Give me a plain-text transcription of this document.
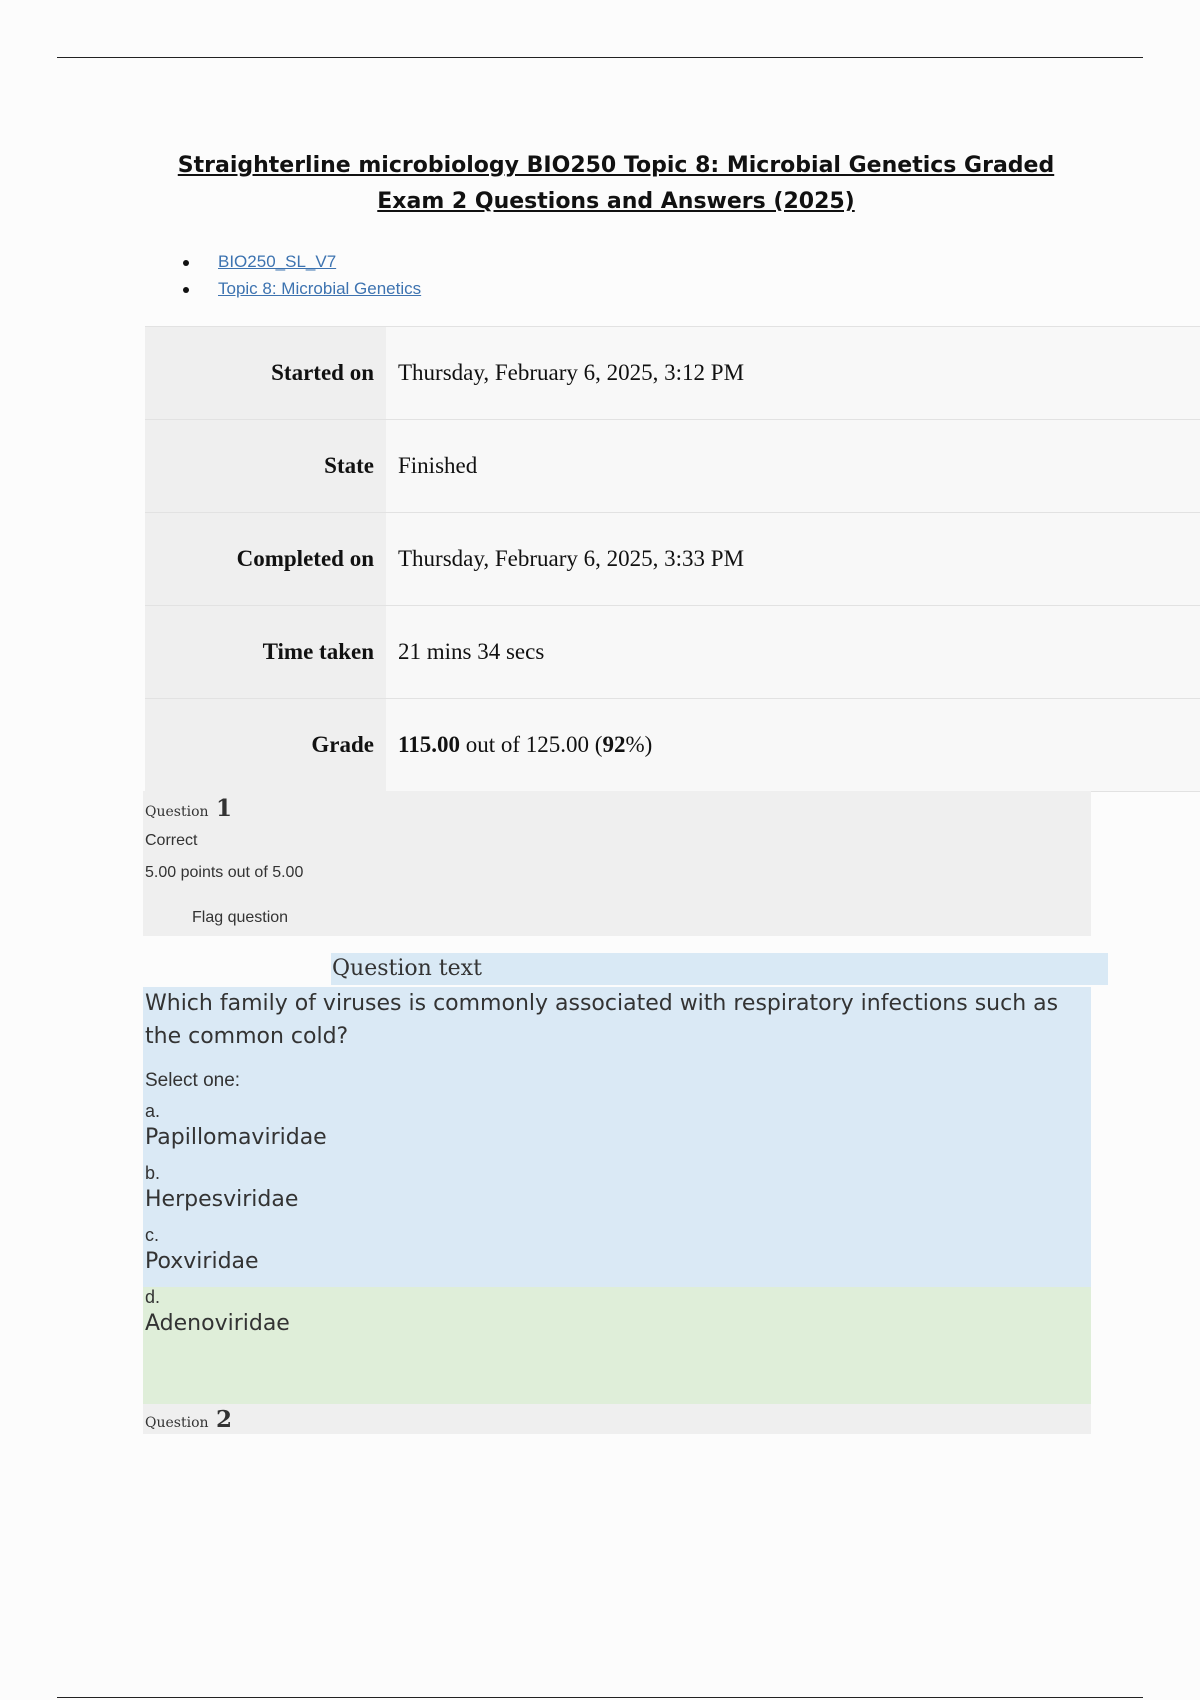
Straighterline microbiology BIO250 Topic 8: Microbial Genetics Graded Exam 2 Questions and Answers (2025)
BIO250_SL_V7
Topic 8: Microbial Genetics
Started on	Thursday, February 6, 2025, 3:12 PM
State	Finished
Completed on	Thursday, February 6, 2025, 3:33 PM
Time taken	21 mins 34 secs
Grade	115.00 out of 125.00 (92%)
Question 1
Correct
5.00 points out of 5.00
Flag question
Question text

Which family of viruses is commonly associated with respiratory infections such as the common cold?

Select one:
a.
Papillomaviridae
b.
Herpesviridae
c.
Poxviridae
d.
Adenoviridae
Question 2
